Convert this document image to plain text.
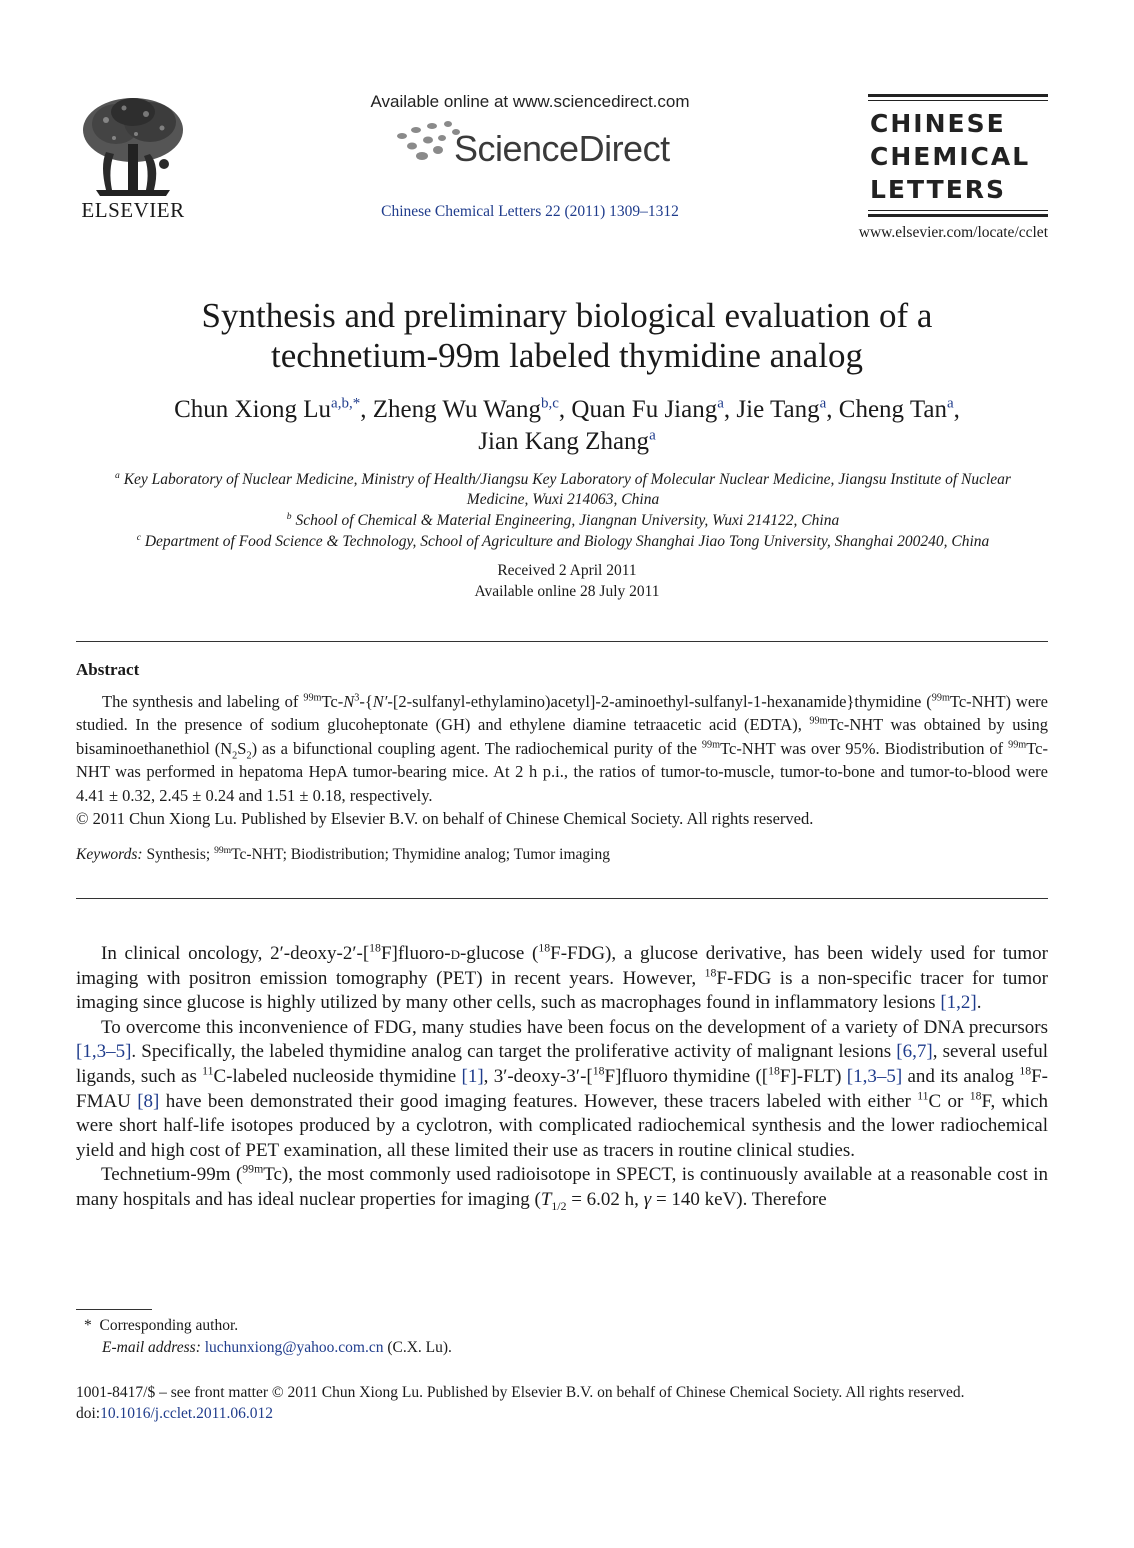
ELSEVIER
Available online at www.sciencedirect.com
ScienceDirect
Chinese Chemical Letters 22 (2011) 1309–1312
CHINESE
CHEMICAL
LETTERS
www.elsevier.com/locate/cclet
Synthesis and preliminary biological evaluation of a
technetium-99m labeled thymidine analog
Chun Xiong $Lu^{a,b,*}$, Zheng Wu Wang$^{b,c}$, Quan Fu Jiang$^a$, Jie Tang$^a$, Cheng Tan$^a$,
Jian Kang Zhang$^a$
$^a$ Key Laboratory of Nuclear Medicine, Ministry of Health/Jiangsu Key Laboratory of Molecular Nuclear Medicine, Jiangsu Institute of Nuclear
Medicine, Wuxi 214063, China
$^b$ School of Chemical & Material Engineering, Jiangnan University, Wuxi 214122, China
$^c$ Department of Food Science & Technology, School of Agriculture and Biology Shanghai Jiao Tong University, Shanghai 200240, China
Received 2 April 2011
Available online 28 July 2011
Abstract

The synthesis and labeling of $^{99m}Tc-N^3-\{N'-[2-sulfanyl-ethylamino)acetyl]-2-aminoethyl-sulfanyl-1-hexanamide\}thymidine$ ($^{99m}$Tc-NHT) were studied. In the presence of sodium glucoheptonate (GH) and ethylene diamine tetraacetic acid (EDTA), $^{99m}$Tc-NHT was obtained by using bisaminoethanethiol $(N_2S_2)$ as a bifunctional coupling agent. The radiochemical purity of the $^{99m}$Tc-NHT was over 95%. Biodistribution of $^{99m}$Tc-NHT was performed in hepatoma HepA tumor-bearing mice. At 2 h p.i., the ratios of tumor-to-muscle, tumor-to-bone and tumor-to-blood were 4.41 ± 0.32, 2.45 ± 0.24 and 1.51 ± 0.18, respectively.

© 2011 Chun Xiong Lu. Published by Elsevier B.V. on behalf of Chinese Chemical Society. All rights reserved.

Keywords: Synthesis; $^{99m}$Tc-NHT; Biodistribution; Thymidine analog; Tumor imaging

In clinical oncology, 2′-deoxy-2′-[$^{18}$F]fluoro-d-glucose ($^{18}$F-FDG), a glucose derivative, has been widely used for tumor imaging with positron emission tomography (PET) in recent years. However, $^{18}$F-FDG is a non-specific tracer for tumor imaging since glucose is highly utilized by many other cells, such as macrophages found in inflammatory lesions [1,2].

To overcome this inconvenience of FDG, many studies have been focus on the development of a variety of DNA precursors [1,3–5]. Specifically, the labeled thymidine analog can target the proliferative activity of malignant lesions [6,7], several useful ligands, such as $^{11}$C-labeled nucleoside thymidine [1], 3′-deoxy-3′-[$^{18}$F]fluoro thymidine ([$^{18}$F]-FLT) [1,3–5] and its analog $^{18}$F-FMAU [8] have been demonstrated their good imaging features. However, these tracers labeled with either $^{11}$C or $^{18}$F, which were short half-life isotopes produced by a cyclotron, with complicated radiochemical synthesis and the lower radiochemical yield and high cost of PET examination, all these limited their use as tracers in routine clinical studies.

Technetium-99m ($^{99m}$Tc), the most commonly used radioisotope in SPECT, is continuously available at a reasonable cost in many hospitals and has ideal nuclear properties for imaging ($T_{1/2} = 6.02$ h, γ = 140 keV). Therefore

* Corresponding author.
E-mail address: luchunxiong@yahoo.com.cn (C.X. Lu).
1001-8417/$ – see front matter © 2011 Chun Xiong Lu. Published by Elsevier B.V. on behalf of Chinese Chemical Society. All rights reserved.
doi:10.1016/j.cclet.2011.06.012
